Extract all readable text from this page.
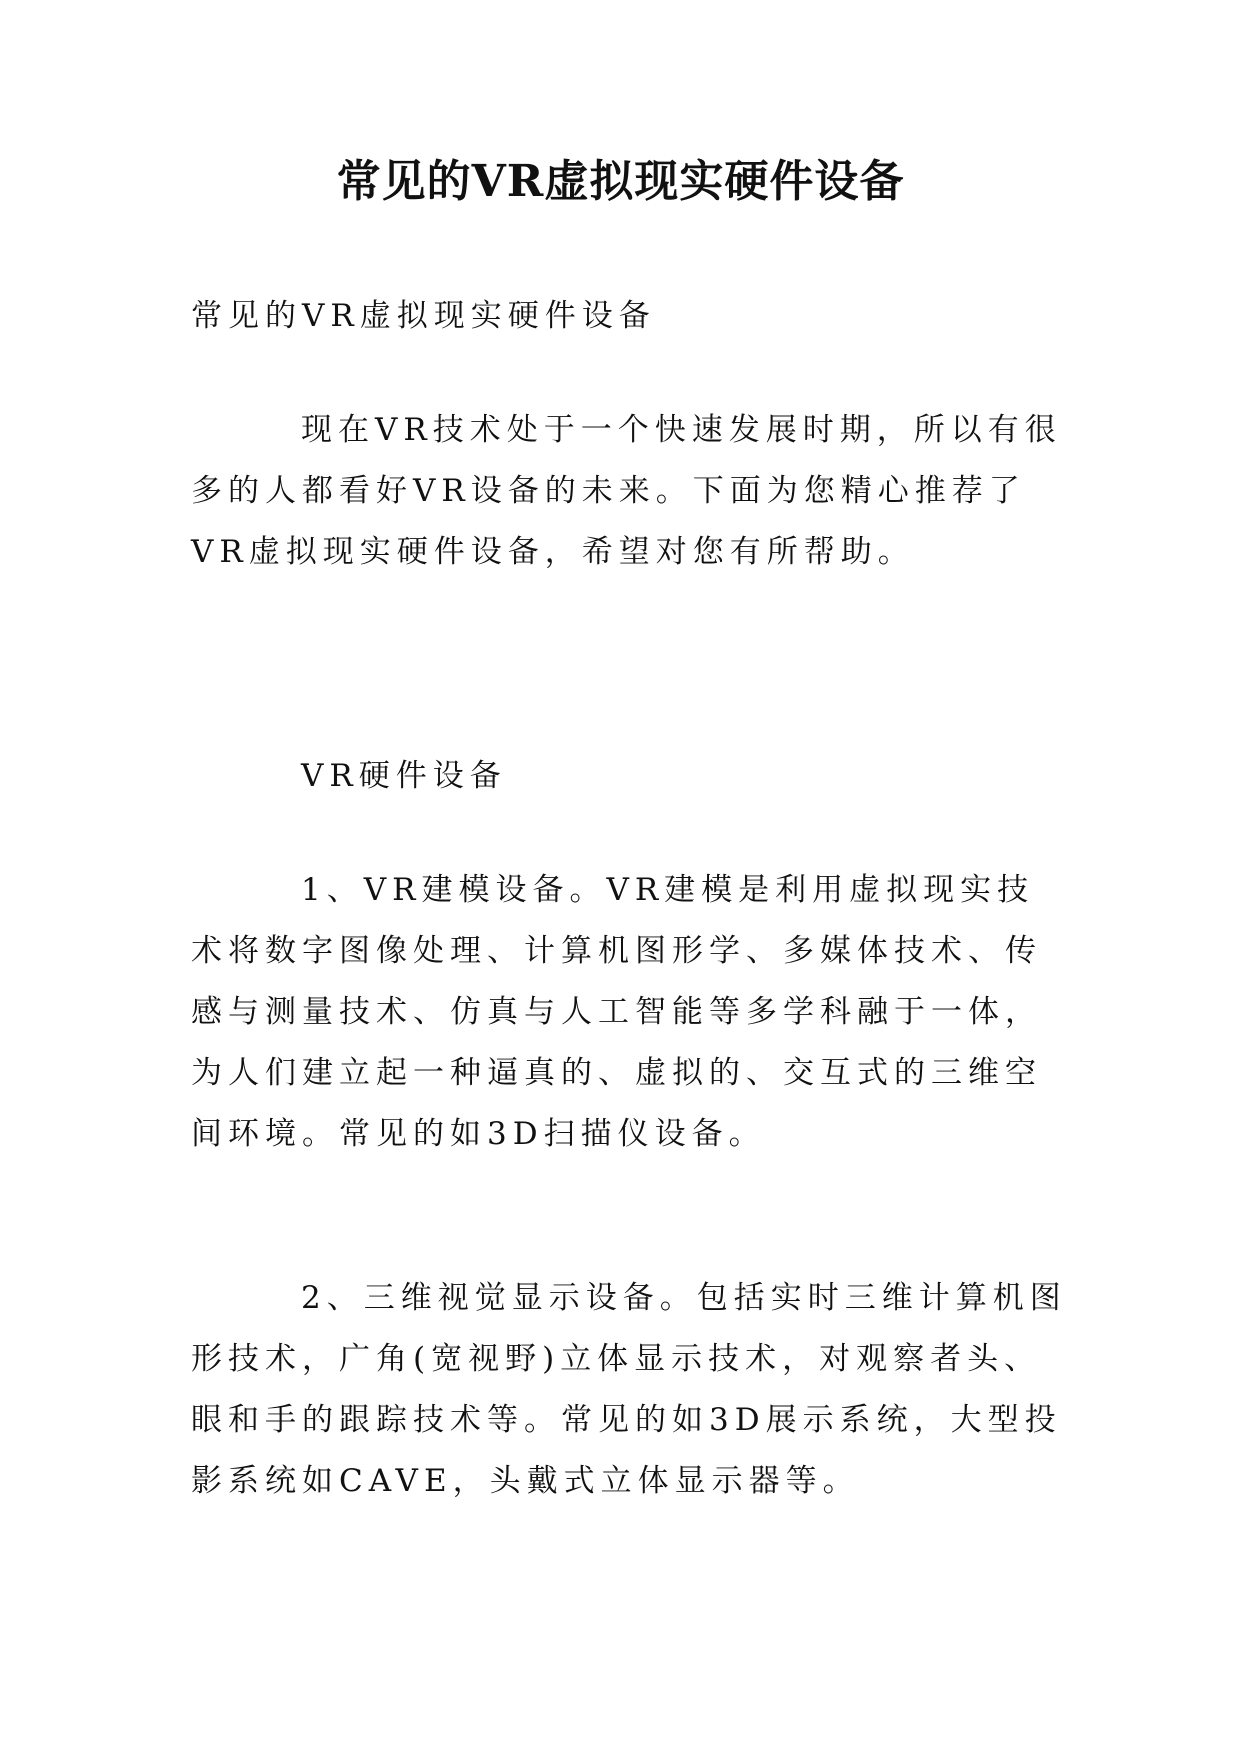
常见的VR虚拟现实硬件设备

常见的VR虚拟现实硬件设备

现在VR技术处于一个快速发展时期，所以有很多的人都看好VR设备的未来。下面为您精心推荐了VR虚拟现实硬件设备，希望对您有所帮助。

VR硬件设备

1、VR建模设备。VR建模是利用虚拟现实技术将数字图像处理、计算机图形学、多媒体技术、传感与测量技术、仿真与人工智能等多学科融于一体，为人们建立起一种逼真的、虚拟的、交互式的三维空间环境。常见的如3D扫描仪设备。

2、三维视觉显示设备。包括实时三维计算机图形技术，广角(宽视野)立体显示技术，对观察者头、眼和手的跟踪技术等。常见的如3D展示系统，大型投影系统如CAVE，头戴式立体显示器等。
